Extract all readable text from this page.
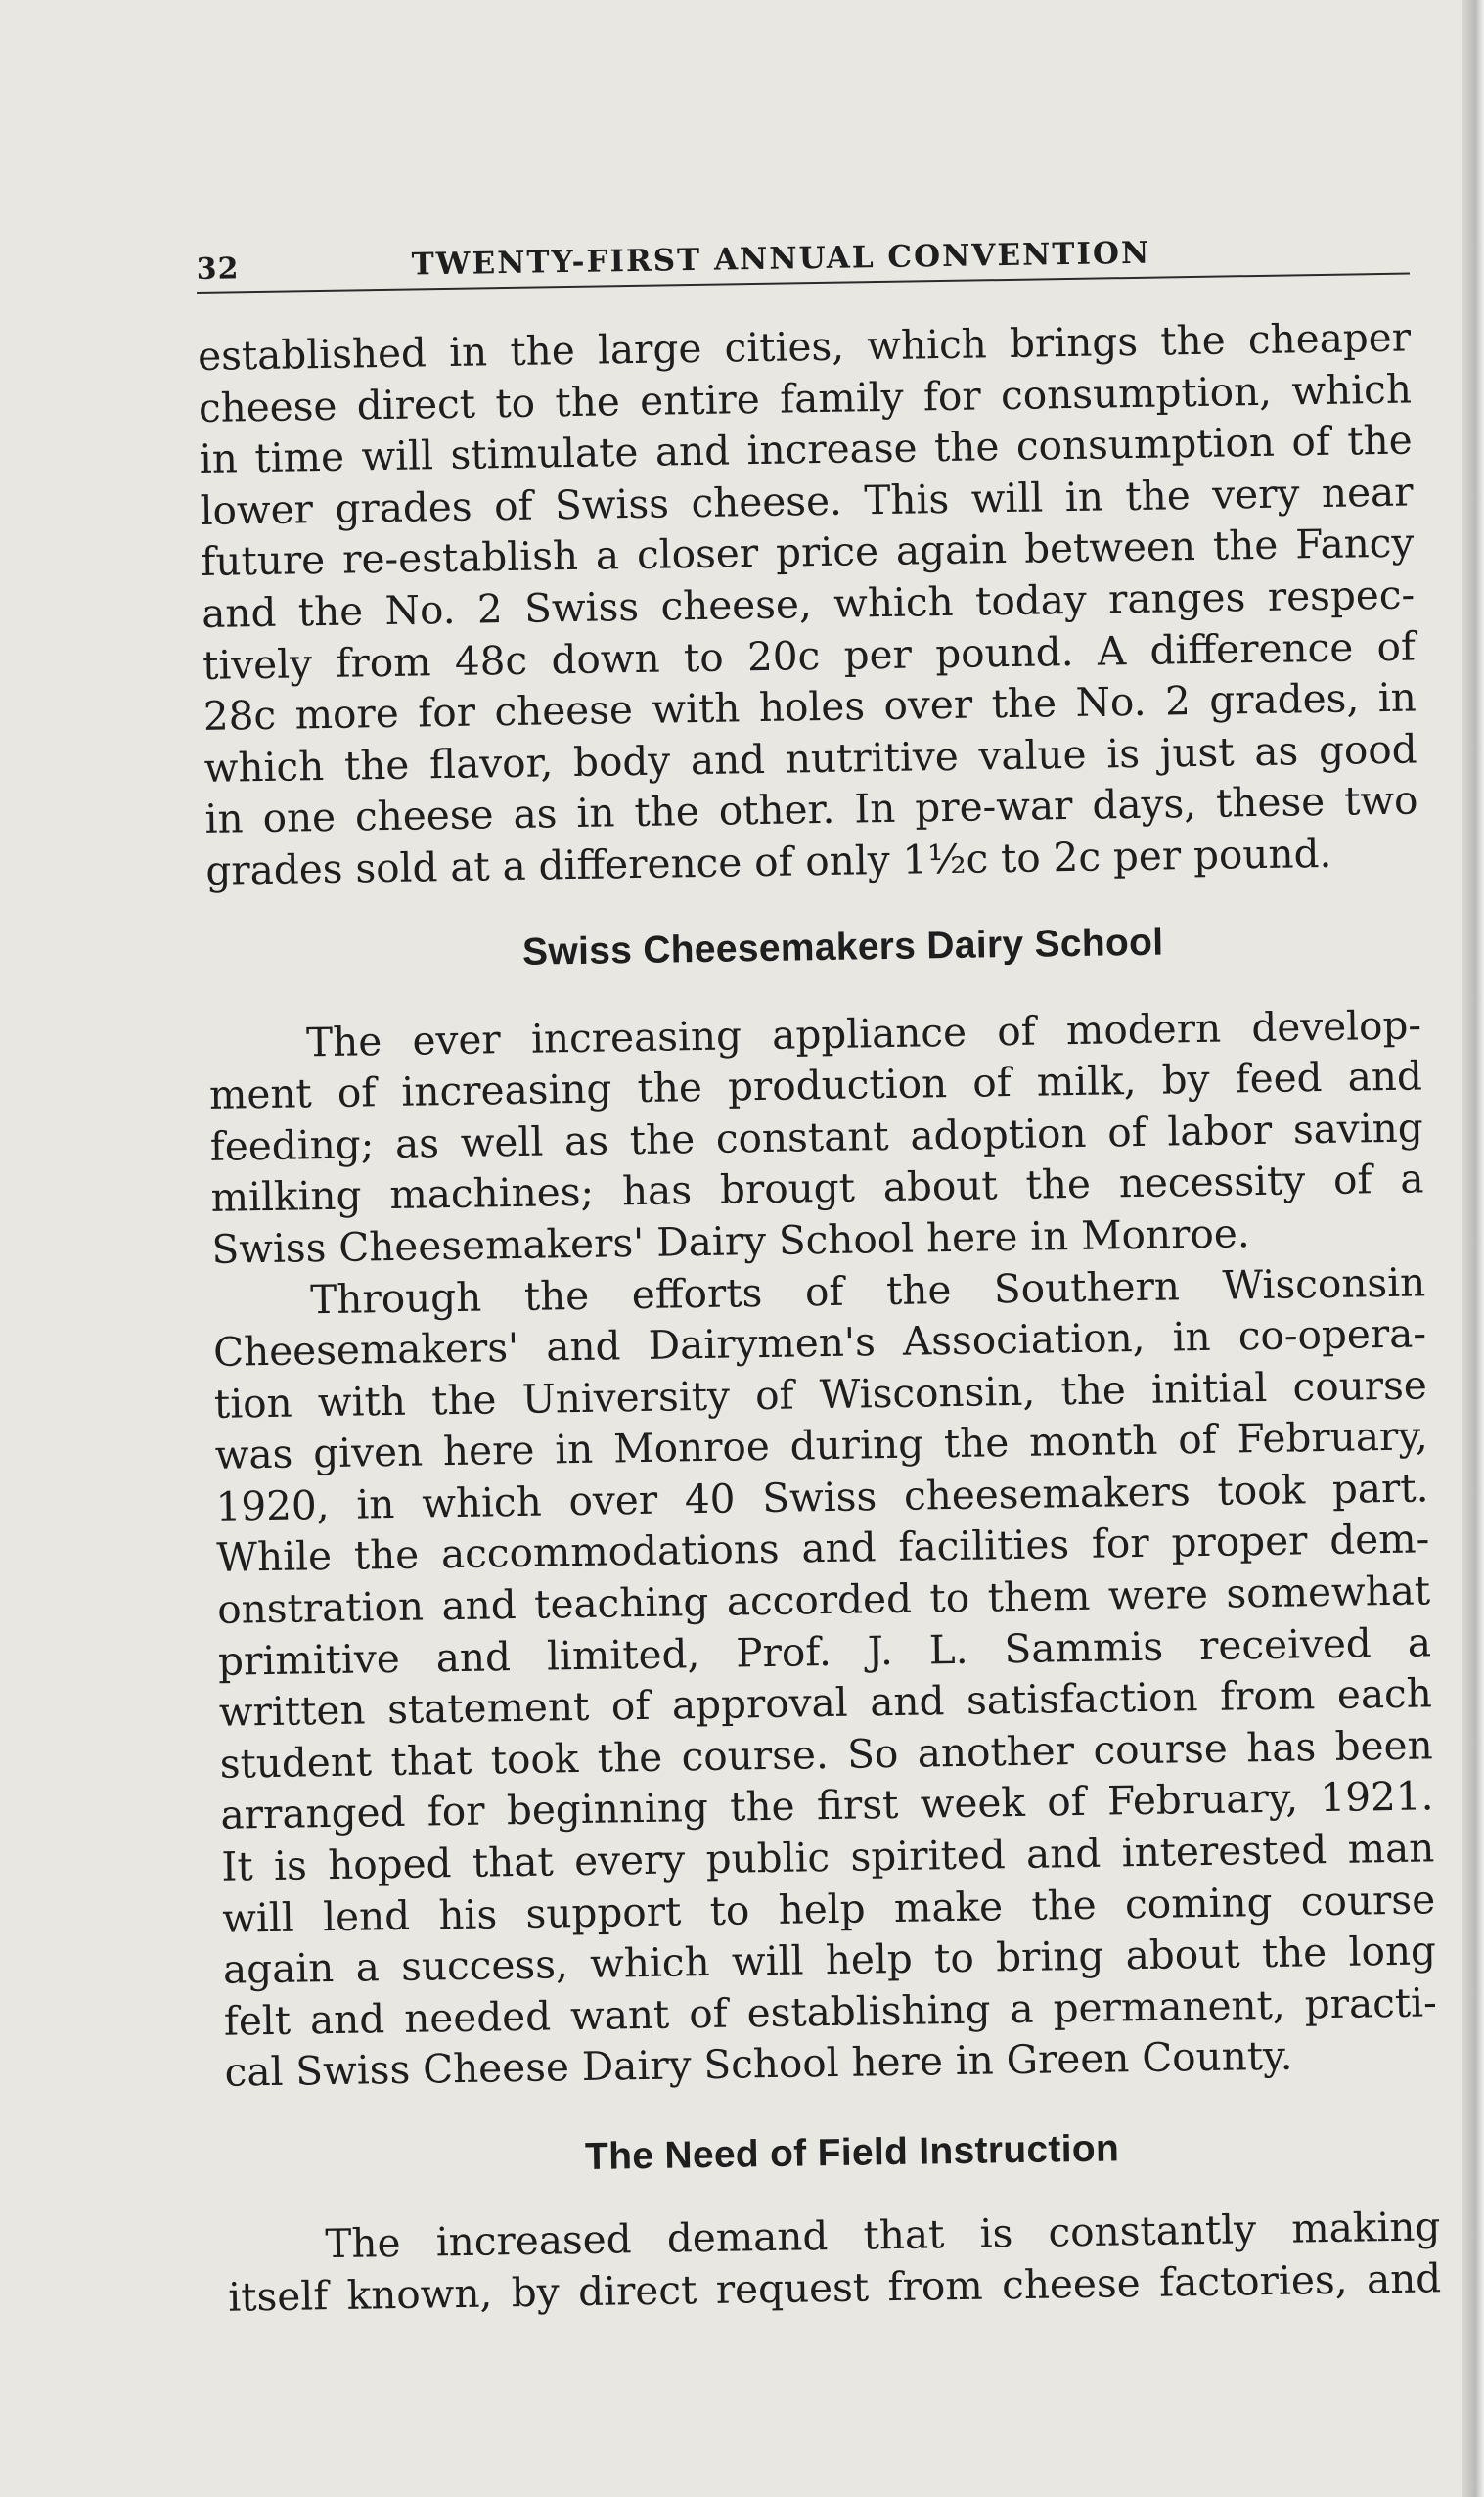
32	TWENTY-FIRST ANNUAL CONVENTION

established in the large cities, which brings the cheaper
cheese direct to the entire family for consumption, which
in time will stimulate and increase the consumption of the
lower grades of Swiss cheese. This will in the very near
future re-establish a closer price again between the Fancy
and the No. 2 Swiss cheese, which today ranges respec-
tively from 48c down to 20c per pound. A difference of
28c more for cheese with holes over the No. 2 grades, in
which the flavor, body and nutritive value is just as good
in one cheese as in the other. In pre-war days, these two
grades sold at a difference of only 1½c to 2c per pound.

Swiss Cheesemakers Dairy School

The ever increasing appliance of modern develop-
ment of increasing the production of milk, by feed and
feeding; as well as the constant adoption of labor saving
milking machines; has brougt about the necessity of a
Swiss Cheesemakers' Dairy School here in Monroe.

Through the efforts of the Southern Wisconsin
Cheesemakers' and Dairymen's Association, in co-opera-
tion with the University of Wisconsin, the initial course
was given here in Monroe during the month of February,
1920, in which over 40 Swiss cheesemakers took part.
While the accommodations and facilities for proper dem-
onstration and teaching accorded to them were somewhat
primitive and limited, Prof. J. L. Sammis received a
written statement of approval and satisfaction from each
student that took the course. So another course has been
arranged for beginning the first week of February, 1921.
It is hoped that every public spirited and interested man
will lend his support to help make the coming course
again a success, which will help to bring about the long
felt and needed want of establishing a permanent, practi-
cal Swiss Cheese Dairy School here in Green County.

The Need of Field Instruction

The increased demand that is constantly making
itself known, by direct request from cheese factories, and
